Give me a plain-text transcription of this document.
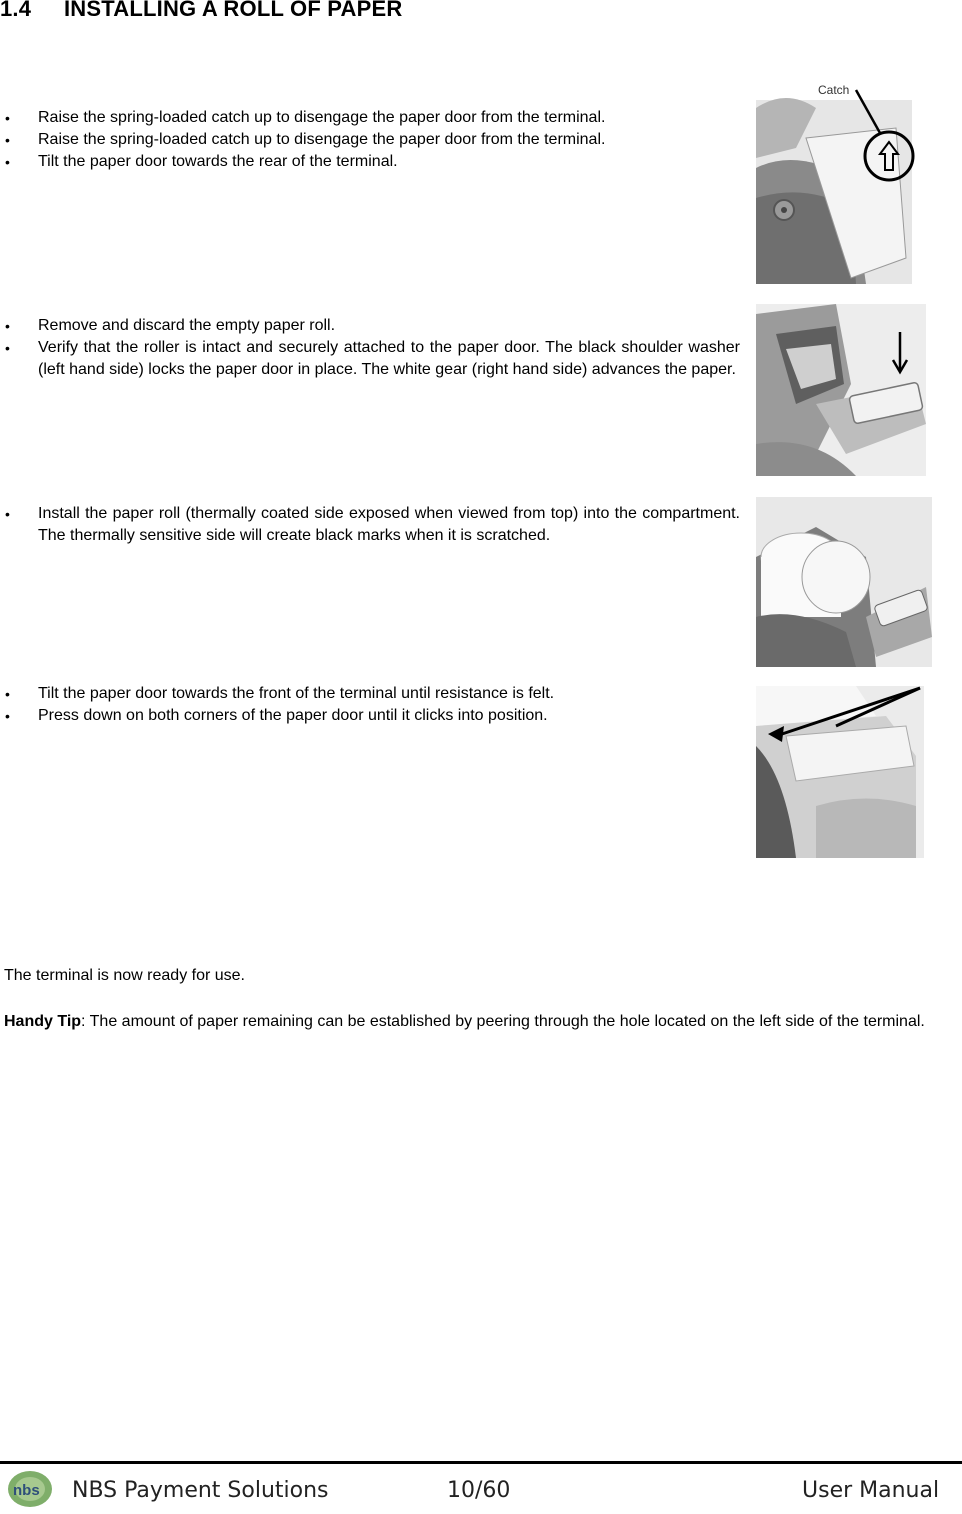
1.4 INSTALLING A ROLL OF PAPER
• Raise the spring-loaded catch up to disengage the paper door from the terminal.
• Raise the spring-loaded catch up to disengage the paper door from the terminal.
• Tilt the paper door towards the rear of the terminal.
Catch
• Remove and discard the empty paper roll.
• Verify that the roller is intact and securely attached to the paper door. The black shoulder washer (left hand side) locks the paper door in place. The white gear (right hand side) advances the paper.
• Install the paper roll (thermally coated side exposed when viewed from top) into the compartment. The thermally sensitive side will create black marks when it is scratched.
• Tilt the paper door towards the front of the terminal until resistance is felt.
• Press down on both corners of the paper door until it clicks into position.
The terminal is now ready for use.
Handy Tip: The amount of paper remaining can be established by peering through the hole located on the left side of the terminal.
nbs NBS Payment Solutions	10/60	User Manual
